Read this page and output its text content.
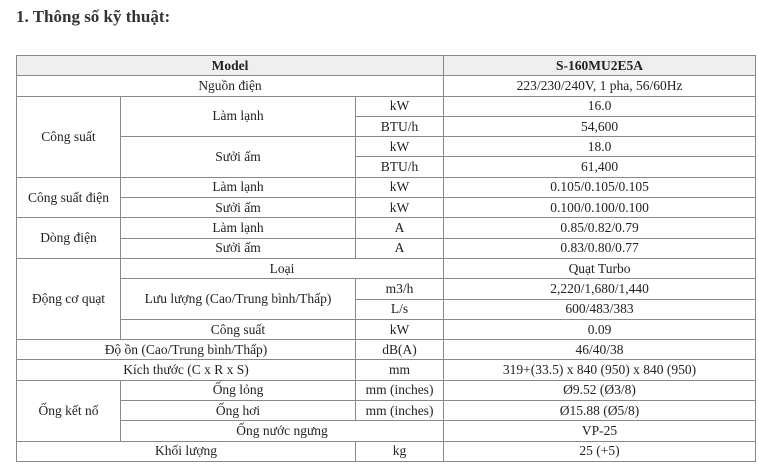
1. Thông số kỹ thuật:
Model			S-160MU2E5A
Nguồn điện			223/230/240V, 1 pha, 56/60Hz
Công suất	Làm lạnh	kW	16.0
		BTU/h	54,600
	Sưởi ấm	kW	18.0
		BTU/h	61,400
Công suất điện	Làm lạnh	kW	0.105/0.105/0.105
	Sưởi ấm	kW	0.100/0.100/0.100
Dòng điện	Làm lạnh	A	0.85/0.82/0.79
	Sưởi ấm	A	0.83/0.80/0.77
Động cơ quạt	Loại		Quạt Turbo
	Lưu lượng (Cao/Trung bình/Thấp)	m3/h	2,220/1,680/1,440
		L/s	600/483/383
	Công suất	kW	0.09
Độ ồn (Cao/Trung bình/Thấp)		dB(A)	46/40/38
Kích thước (C x R x S)		mm	319+(33.5) x 840 (950) x 840 (950)
Ống kết nố	Ống lỏng	mm (inches)	Ø9.52 (Ø3/8)
	Ống hơi	mm (inches)	Ø15.88 (Ø5/8)
	Ống nước ngưng		VP-25
Khối lượng		kg	25 (+5)
